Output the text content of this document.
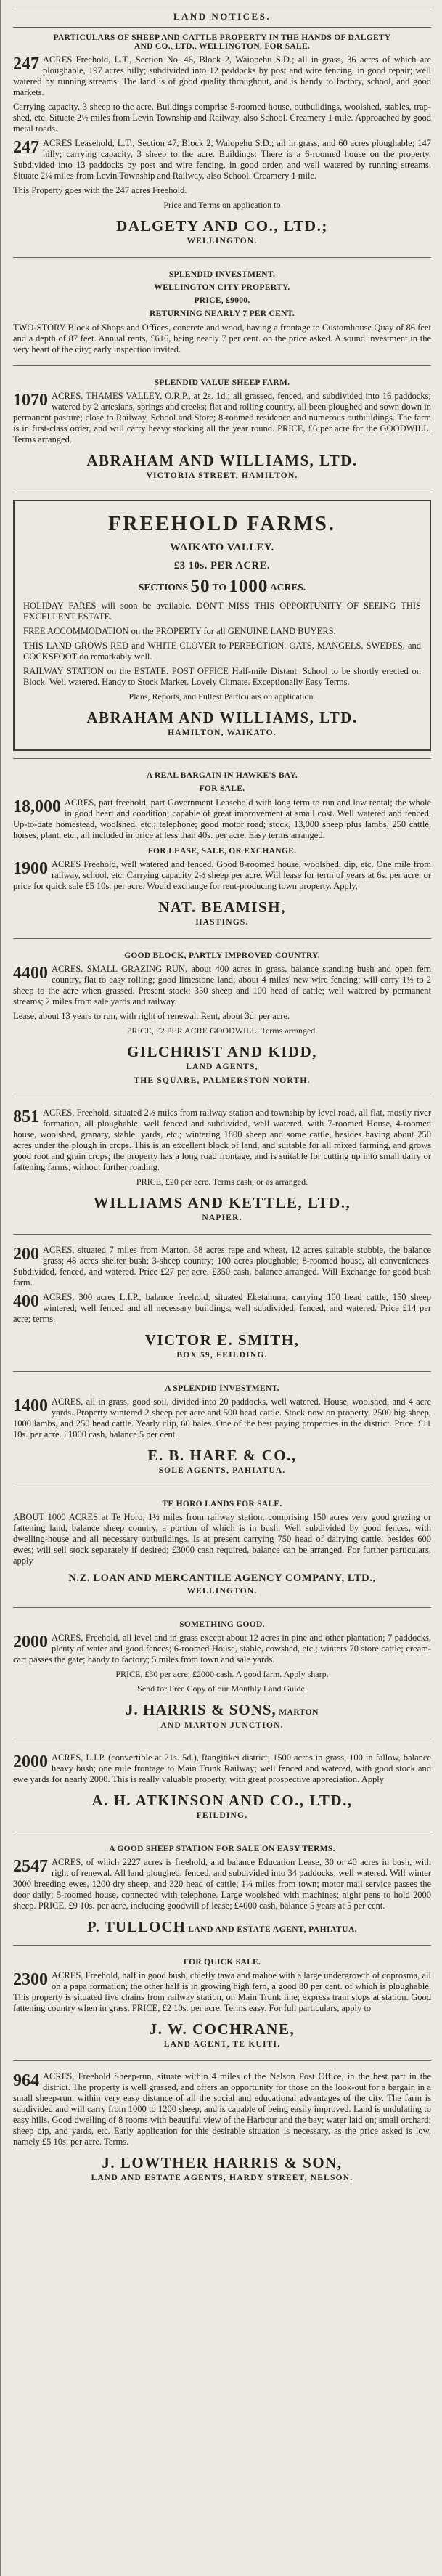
LAND NOTICES.
PARTICULARS OF SHEEP AND CATTLE PROPERTY IN THE HANDS OF DALGETY AND CO., LTD., WELLINGTON, FOR SALE.

247 ACRES Freehold, L.T., Section No. 46, Block 2, Waiopehu S.D.; all in grass, 36 acres of which are ploughable, 197 acres hilly; subdivided into 12 paddocks by post and wire fencing, in good repair; well watered by running streams. The land is of good quality throughout, and is handy to factory, school, and good markets.

Carrying capacity, 3 sheep to the acre. Buildings comprise 5-roomed house, outbuildings, woolshed, stables, trap-shed, etc. Situate 2½ miles from Levin Township and Railway, also School. Creamery 1 mile. Approached by good metal roads.

247 ACRES Leasehold, L.T., Section 47, Block 2, Waiopehu S.D.; all in grass, and 60 acres ploughable; 147 hilly; carrying capacity, 3 sheep to the acre. Buildings: There is a 6-roomed house on the property. Subdivided into 13 paddocks by post and wire fencing, in good order, and well watered by running streams. Situate 2¼ miles from Levin Township and Railway, also School. Creamery 1 mile.

This Property goes with the 247 acres Freehold.

Price and Terms on application to
DALGETY AND CO., LTD.;
WELLINGTON.
SPLENDID INVESTMENT.
WELLINGTON CITY PROPERTY.
PRICE, £9000.
RETURNING NEARLY 7 PER CENT.

TWO-STORY Block of Shops and Offices, concrete and wood, having a frontage to Customhouse Quay of 86 feet and a depth of 87 feet. Annual rents, £616, being nearly 7 per cent. on the price asked. A sound investment in the very heart of the city; early inspection invited.

SPLENDID VALUE SHEEP FARM.

1070 ACRES, THAMES VALLEY, O.R.P., at 2s. 1d.; all grassed, fenced, and subdivided into 16 paddocks; watered by 2 artesians, springs and creeks; flat and rolling country, all been ploughed and sown down in permanent pasture; close to Railway, School and Store; 8-roomed residence and numerous outbuildings. The farm is in first-class order, and will carry heavy stocking all the year round. PRICE, £6 per acre for the GOODWILL. Terms arranged.

ABRAHAM AND WILLIAMS, LTD.
VICTORIA STREET, HAMILTON.
FREEHOLD FARMS.
WAIKATO VALLEY.
£3 10s. PER ACRE.
SECTIONS 50 TO 1000 ACRES.

HOLIDAY FARES will soon be available. DON'T MISS THIS OPPORTUNITY OF SEEING THIS EXCELLENT ESTATE.

FREE ACCOMMODATION on the PROPERTY for all GENUINE LAND BUYERS.

THIS LAND GROWS RED and WHITE CLOVER to PERFECTION. OATS, MANGELS, SWEDES, and COCKSFOOT do remarkably well.

RAILWAY STATION on the ESTATE. POST OFFICE Half-mile Distant. School to be shortly erected on Block. Well watered. Handy to Stock Market. Lovely Climate. Exceptionally Easy Terms.

Plans, Reports, and Fullest Particulars on application.
ABRAHAM AND WILLIAMS, LTD.
HAMILTON, WAIKATO.
A REAL BARGAIN IN HAWKE'S BAY.
FOR SALE.

18,000 ACRES, part freehold, part Government Leasehold with long term to run and low rental; the whole in good heart and condition; capable of great improvement at small cost. Well watered and fenced. Up-to-date homestead, woolshed, etc.; telephone; good motor road; stock, 13,000 sheep plus lambs, 250 cattle, horses, plant, etc., all included in price at less than 40s. per acre. Easy terms arranged.

FOR LEASE, SALE, OR EXCHANGE.

1900 ACRES Freehold, well watered and fenced. Good 8-roomed house, woolshed, dip, etc. One mile from railway, school, etc. Carrying capacity 2½ sheep per acre. Will lease for term of years at 6s. per acre, or price for quick sale £5 10s. per acre. Would exchange for rent-producing town property. Apply,

NAT. BEAMISH,
HASTINGS.
GOOD BLOCK, PARTLY IMPROVED COUNTRY.

4400 ACRES, SMALL GRAZING RUN, about 400 acres in grass, balance standing bush and open fern country, flat to easy rolling; good limestone land; about 4 miles' new wire fencing; will carry 1½ to 2 sheep to the acre when grassed. Present stock: 350 sheep and 100 head of cattle; well watered by permanent streams; 2 miles from sale yards and railway.

Lease, about 13 years to run, with right of renewal. Rent, about 3d. per acre.

PRICE, £2 PER ACRE GOODWILL. Terms arranged.
GILCHRIST AND KIDD,
LAND AGENTS,
THE SQUARE, PALMERSTON NORTH.

851 ACRES, Freehold, situated 2½ miles from railway station and township by level road, all flat, mostly river formation, all ploughable, well fenced and subdivided, well watered, with 7-roomed House, 4-roomed house, woolshed, granary, stable, yards, etc.; wintering 1800 sheep and some cattle, besides having about 250 acres under the plough in crops. This is an excellent block of land, and suitable for all mixed farming, and grows good root and grain crops; the property has a long road frontage, and is suitable for cutting up into small dairy or fattening farms, without further roading.

PRICE, £20 per acre. Terms cash, or as arranged.
WILLIAMS AND KETTLE, LTD.,
NAPIER.

200 ACRES, situated 7 miles from Marton, 58 acres rape and wheat, 12 acres suitable stubble, the balance grass; 48 acres shelter bush; 3-sheep country; 100 acres ploughable; 8-roomed house, all conveniences. Subdivided, fenced, and watered. Price £27 per acre, £350 cash, balance arranged. Will Exchange for good bush farm.

400 ACRES, 300 acres L.I.P., balance freehold, situated Eketahuna; carrying 100 head cattle, 150 sheep wintered; well fenced and all necessary buildings; well subdivided, fenced, and watered. Price £14 per acre; terms.

VICTOR E. SMITH,
BOX 59, FEILDING.
A SPLENDID INVESTMENT.

1400 ACRES, all in grass, good soil, divided into 20 paddocks, well watered. House, woolshed, and 4 acre yards. Property wintered 2 sheep per acre and 500 head cattle. Stock now on property, 2500 big sheep, 1000 lambs, and 250 head cattle. Yearly clip, 60 bales. One of the best paying properties in the district. Price, £11 10s. per acre. £1000 cash, balance 5 per cent.

E. B. HARE & CO.,
SOLE AGENTS, PAHIATUA.
TE HORO LANDS FOR SALE.

ABOUT 1000 ACRES at Te Horo, 1½ miles from railway station, comprising 150 acres very good grazing or fattening land, balance sheep country, a portion of which is in bush. Well subdivided by good fences, with dwelling-house and all necessary outbuildings. Is at present carrying 750 head of dairying cattle, besides 600 ewes; will sell stock separately if desired; £3000 cash required, balance can be arranged. For further particulars, apply

N.Z. LOAN AND MERCANTILE AGENCY COMPANY, LTD.,
WELLINGTON.
SOMETHING GOOD.

2000 ACRES, Freehold, all level and in grass except about 12 acres in pine and other plantation; 7 paddocks, plenty of water and good fences; 6-roomed House, stable, cowshed, etc.; winters 70 store cattle; cream-cart passes the gate; handy to factory; 5 miles from town and sale yards.

PRICE, £30 per acre; £2000 cash. A good farm. Apply sharp.
Send for Free Copy of our Monthly Land Guide.
J. HARRIS & SONS, MARTON
AND MARTON JUNCTION.

2000 ACRES, L.I.P. (convertible at 21s. 5d.), Rangitikei district; 1500 acres in grass, 100 in fallow, balance heavy bush; one mile frontage to Main Trunk Railway; well fenced and watered, with good stock and ewe yards for nearly 2000. This is really valuable property, with great prospective appreciation. Apply

A. H. ATKINSON AND CO., LTD.,
FEILDING.
A GOOD SHEEP STATION FOR SALE ON EASY TERMS.

2547 ACRES, of which 2227 acres is freehold, and balance Education Lease, 30 or 40 acres in bush, with right of renewal. All land ploughed, fenced, and subdivided into 34 paddocks; well watered. Will winter 3000 breeding ewes, 1200 dry sheep, and 320 head of cattle; 1¼ miles from town; motor mail service passes the door daily; 5-roomed house, connected with telephone. Large woolshed with machines; night pens to hold 2000 sheep. PRICE, £9 10s. per acre, including goodwill of lease; £4000 cash, balance 5 years at 5 per cent.

P. TULLOCH LAND AND ESTATE AGENT, PAHIATUA.
FOR QUICK SALE.

2300 ACRES, Freehold, half in good bush, chiefly tawa and mahoe with a large undergrowth of coprosma, all on a papa formation; the other half is in growing high fern, a good 80 per cent. of which is ploughable. This property is situated five chains from railway station, on Main Trunk line; express train stops at station. Good fattening country when in grass. PRICE, £2 10s. per acre. Terms easy. For full particulars, apply to

J. W. COCHRANE,
LAND AGENT, TE KUITI.

964 ACRES, Freehold Sheep-run, situate within 4 miles of the Nelson Post Office, in the best part in the district. The property is well grassed, and offers an opportunity for those on the look-out for a bargain in a small sheep-run, within very easy distance of all the social and educational advantages of the city. The farm is subdivided and will carry from 1000 to 1200 sheep, and is capable of being easily improved. Land is undulating to easy hills. Good dwelling of 8 rooms with beautiful view of the Harbour and the bay; water laid on; small orchard; sheep dip, and yards, etc. Early application for this desirable situation is necessary, as the price asked is low, namely £5 10s. per acre. Terms.

J. LOWTHER HARRIS & SON,
LAND AND ESTATE AGENTS, HARDY STREET, NELSON.
